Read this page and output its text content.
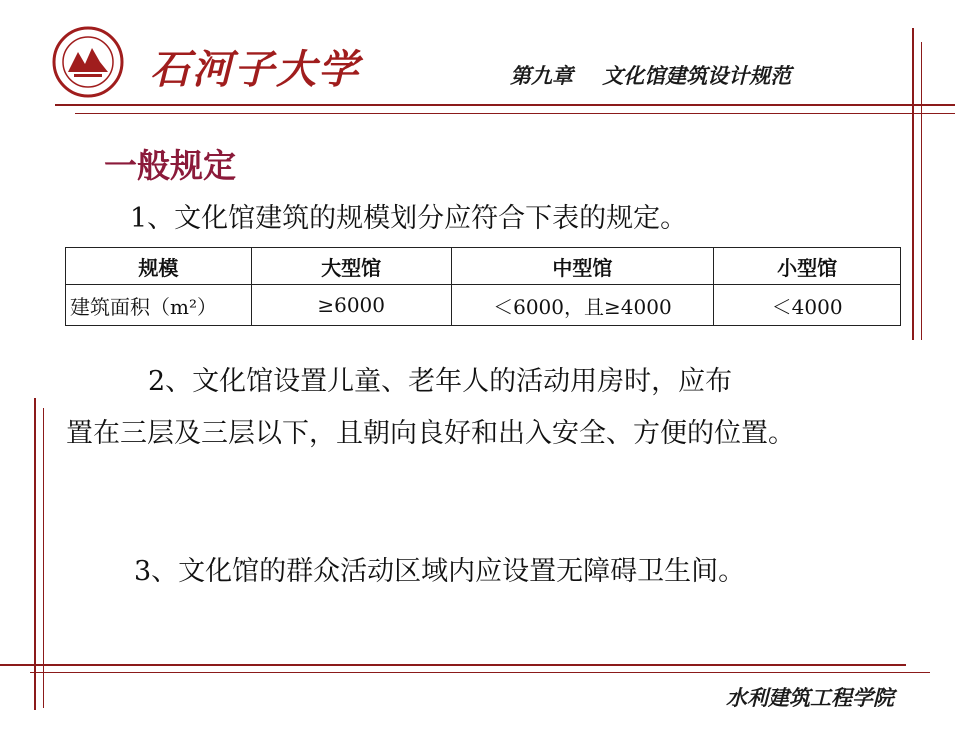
石河子大学	第九章    文化馆建筑设计规范
一般规定
1、文化馆建筑的规模划分应符合下表的规定。
规模	大型馆	中型馆	小型馆
建筑面积（m²）	≥6000	＜6000，且≥4000	＜4000
2、文化馆设置儿童、老年人的活动用房时，应布
置在三层及三层以下，且朝向良好和出入安全、方便的位置。
3、文化馆的群众活动区域内应设置无障碍卫生间。
水利建筑工程学院
